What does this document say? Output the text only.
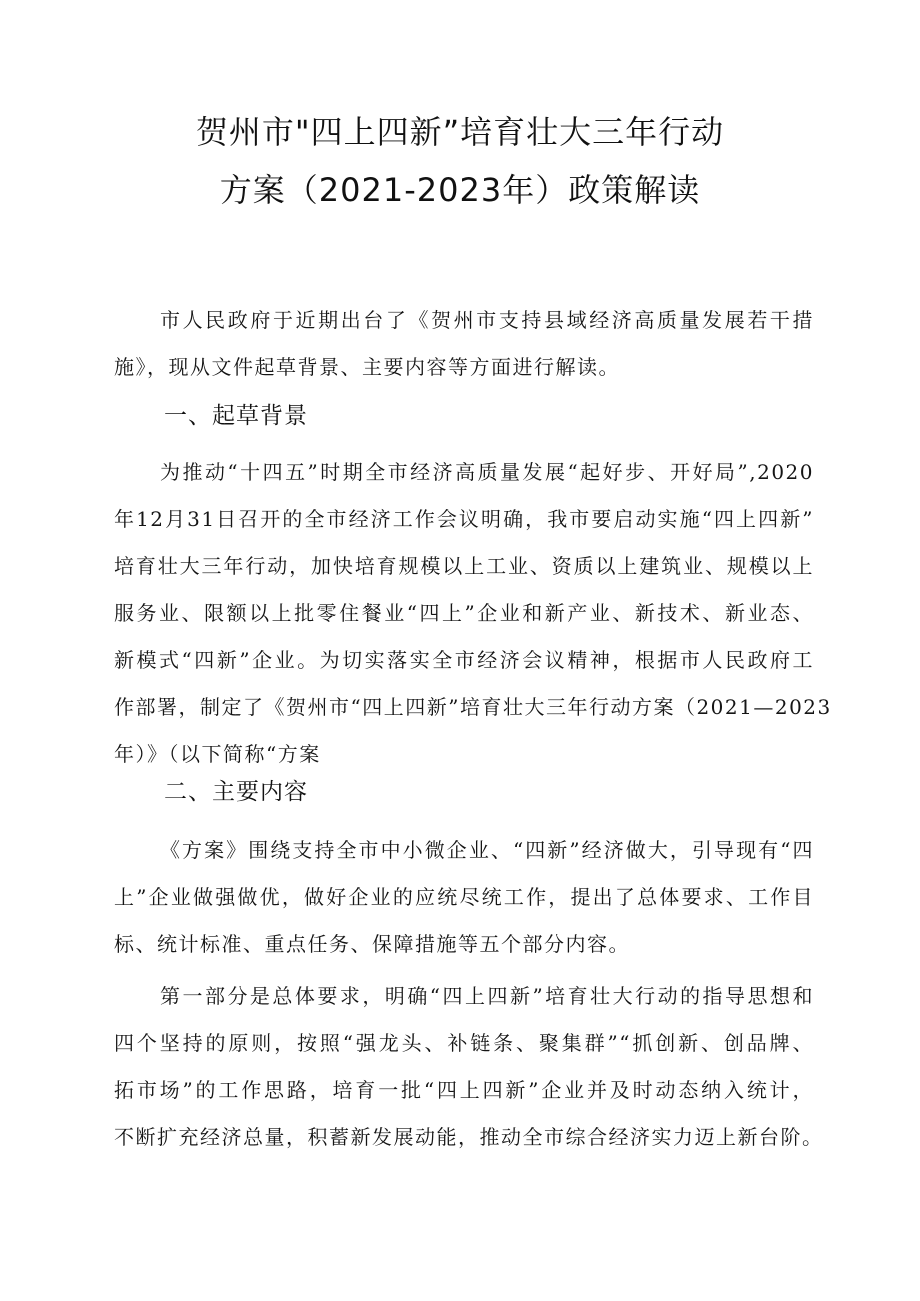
贺州市"四上四新”培育壮大三年行动
方案（2021-2023年）政策解读
市人民政府于近期出台了《贺州市支持县域经济高质量发展若干措
施》，现从文件起草背景、主要内容等方面进行解读。
一、起草背景
为推动“十四五”时期全市经济高质量发展“起好步、开好局”,2020
年12月31日召开的全市经济工作会议明确，我市要启动实施“四上四新”
培育壮大三年行动，加快培育规模以上工业、资质以上建筑业、规模以上
服务业、限额以上批零住餐业“四上”企业和新产业、新技术、新业态、
新模式“四新”企业。为切实落实全市经济会议精神，根据市人民政府工
作部署，制定了《贺州市“四上四新”培育壮大三年行动方案（2021—2023
年）》（以下简称“方案
二、主要内容
《方案》围绕支持全市中小微企业、“四新”经济做大，引导现有“四
上”企业做强做优，做好企业的应统尽统工作，提出了总体要求、工作目
标、统计标准、重点任务、保障措施等五个部分内容。
第一部分是总体要求，明确“四上四新”培育壮大行动的指导思想和
四个坚持的原则，按照“强龙头、补链条、聚集群”“抓创新、创品牌、
拓市场”的工作思路，培育一批“四上四新”企业并及时动态纳入统计，
不断扩充经济总量，积蓄新发展动能，推动全市综合经济实力迈上新台阶。
